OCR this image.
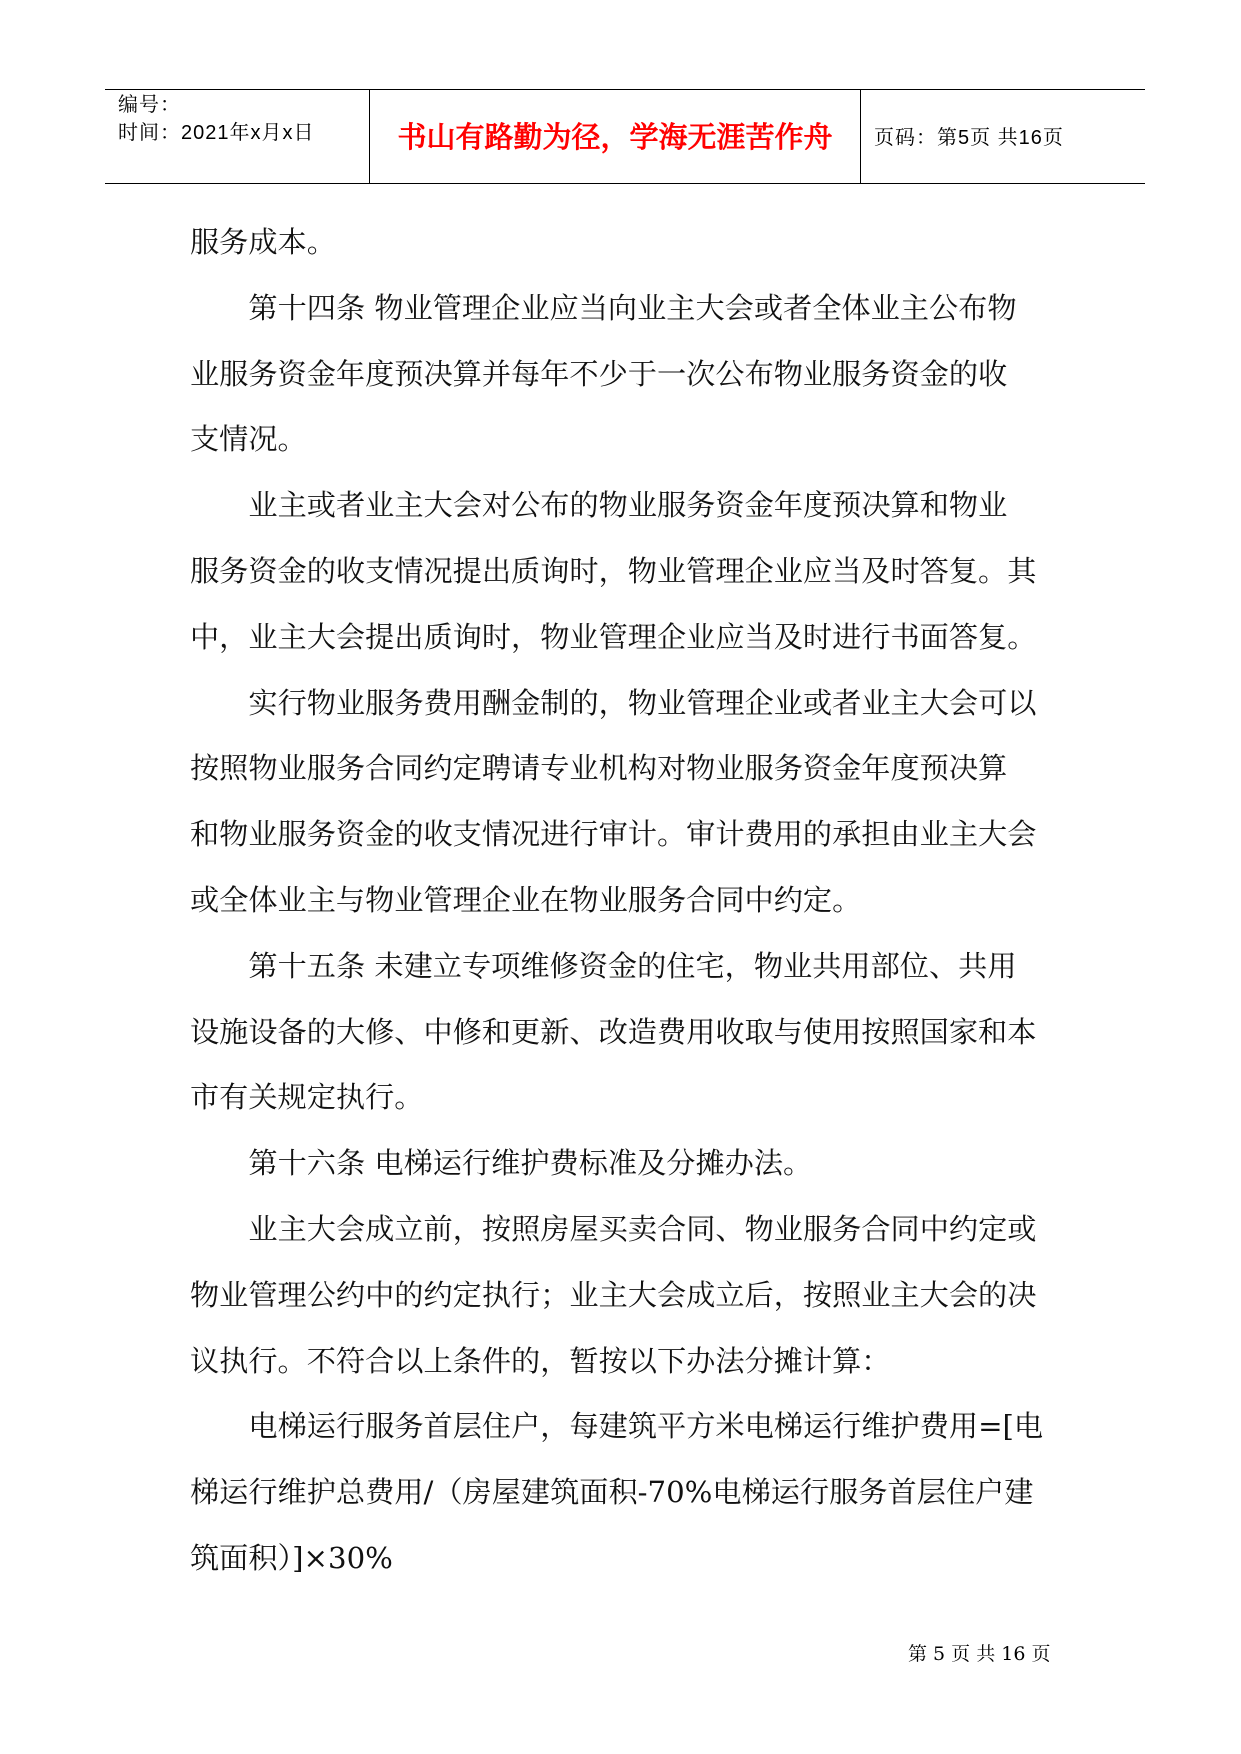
编号：
时间：2021年x月x日	书山有路勤为径，学海无涯苦作舟	页码：第5页 共16页
服务成本。
第十四条 物业管理企业应当向业主大会或者全体业主公布物
业服务资金年度预决算并每年不少于一次公布物业服务资金的收
支情况。
业主或者业主大会对公布的物业服务资金年度预决算和物业
服务资金的收支情况提出质询时，物业管理企业应当及时答复。其
中，业主大会提出质询时，物业管理企业应当及时进行书面答复。
实行物业服务费用酬金制的，物业管理企业或者业主大会可以
按照物业服务合同约定聘请专业机构对物业服务资金年度预决算
和物业服务资金的收支情况进行审计。审计费用的承担由业主大会
或全体业主与物业管理企业在物业服务合同中约定。
第十五条 未建立专项维修资金的住宅，物业共用部位、共用
设施设备的大修、中修和更新、改造费用收取与使用按照国家和本
市有关规定执行。
第十六条 电梯运行维护费标准及分摊办法。
业主大会成立前，按照房屋买卖合同、物业服务合同中约定或
物业管理公约中的约定执行；业主大会成立后，按照业主大会的决
议执行。不符合以上条件的，暂按以下办法分摊计算：
电梯运行服务首层住户，每建筑平方米电梯运行维护费用=[电
梯运行维护总费用/（房屋建筑面积-70%电梯运行服务首层住户建
筑面积）]×30%
第 5 页 共 16 页
